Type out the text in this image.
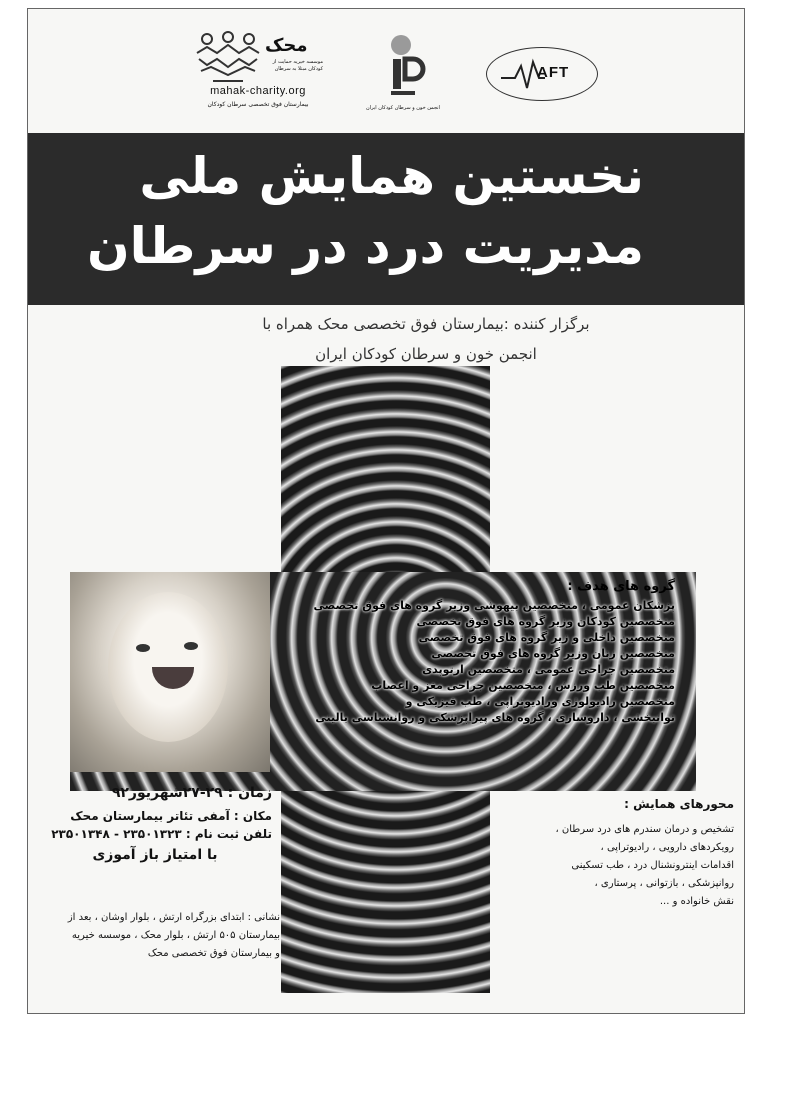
AFT
انجمن خون و سرطان کودکان ایران
محک
موسسه خیریه حمایت از کودکان مبتلا به سرطان
mahak-charity.org
بیمارستان فوق تخصصی سرطان کودکان
نخستین همایش ملی
مدیریت درد در سرطان
برگزار کننده :بیمارستان فوق تخصصی محک همراه با
انجمن خون و سرطان کودکان ایران
گروه های هدف :
پزشکان عمومی ، متخصصین بیهوشی وزیر گروه های فوق تخصصی
متخصصین کودکان وزیر گروه های فوق تخصصی
متخصصین داخلی و زیر گروه های فوق تخصصی
متخصصین زنان وزیر گروه های فوق تخصصی
متخصصین جراحی عمومی ، متخصصین ارتوپدی
متخصصین طب ورزش ، متخصصین جراحی مغز و اعصاب
متخصصین رادیولوژی ورادیوتراپی ، طب فیزیکی و
توانبخشی ، داروسازی ، گروه های پیراپزشکی و روانشناسی بالینی
زمان : ۲۹-۲۷شهریور۹۲
مکان : آمفی تئاتر بیمارستان محک
تلفن ثبت نام : ۲۳۵۰۱۳۲۳ - ۲۳۵۰۱۳۴۸
با امتیاز باز آموزی
نشانی : ابتدای بزرگراه ارتش ، بلوار اوشان ، بعد از
بیمارستان ۵۰۵ ارتش ، بلوار محک ، موسسه خیریه
و بیمارستان فوق تخصصی محک
محورهای همایش :
تشخیص و درمان سندرم های درد سرطان ،
رویکردهای دارویی ، رادیوتراپی ،
اقدامات اینترونشنال درد ، طب تسکینی
روانپزشکی ، بازتوانی ، پرستاری ،
نقش خانواده و ...
